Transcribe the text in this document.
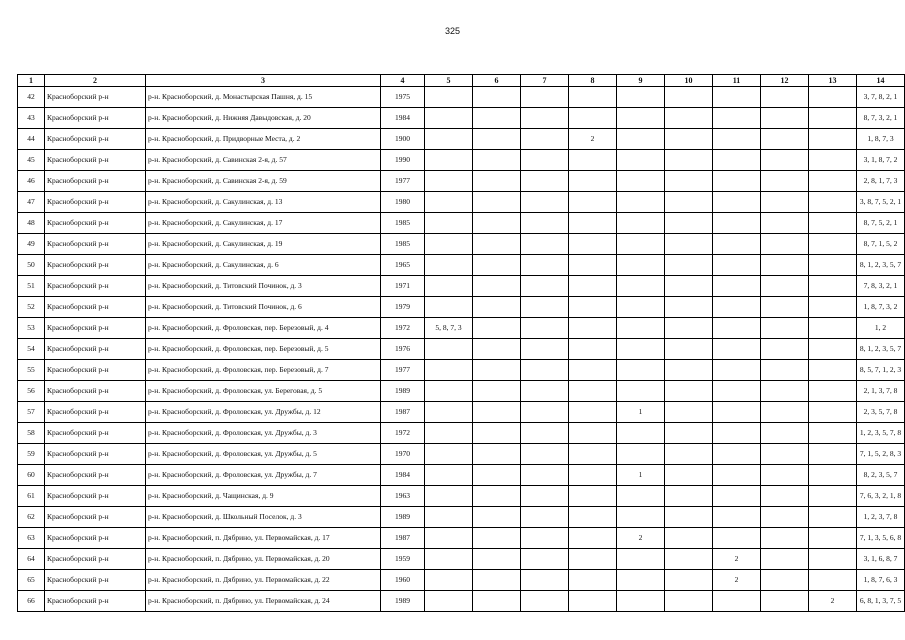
325
1	2	3	4	5	6	7	8	9	10	11	12	13	14
42	Красноборский р-н	р-н. Красноборский, д. Монастырская Пашня, д. 15	1975										3, 7, 8, 2, 1
43	Красноборский р-н	р-н. Красноборский, д. Нижняя Давыдовская, д. 20	1984										8, 7, 3, 2, 1
44	Красноборский р-н	р-н. Красноборский, д. Придворные Места, д. 2	1900				2						1, 8, 7, 3
45	Красноборский р-н	р-н. Красноборский, д. Савинская 2-я, д. 57	1990										3, 1, 8, 7, 2
46	Красноборский р-н	р-н. Красноборский, д. Савинская 2-я, д. 59	1977										2, 8, 1, 7, 3
47	Красноборский р-н	р-н. Красноборский, д. Сакулинская, д. 13	1980										3, 8, 7, 5, 2, 1
48	Красноборский р-н	р-н. Красноборский, д. Сакулинская, д. 17	1985										8, 7, 5, 2, 1
49	Красноборский р-н	р-н. Красноборский, д. Сакулинская, д. 19	1985										8, 7, 1, 5, 2
50	Красноборский р-н	р-н. Красноборский, д. Сакулинская, д. 6	1965										8, 1, 2, 3, 5, 7
51	Красноборский р-н	р-н. Красноборский, д. Титовский Починок, д. 3	1971										7, 8, 3, 2, 1
52	Красноборский р-н	р-н. Красноборский, д. Титовский Починок, д. 6	1979										1, 8, 7, 3, 2
53	Красноборский р-н	р-н. Красноборский, д. Фроловская, пер. Березовый, д. 4	1972	5, 8, 7, 3									1, 2
54	Красноборский р-н	р-н. Красноборский, д. Фроловская, пер. Березовый, д. 5	1976										8, 1, 2, 3, 5, 7
55	Красноборский р-н	р-н. Красноборский, д. Фроловская, пер. Березовый, д. 7	1977										8, 5, 7, 1, 2, 3
56	Красноборский р-н	р-н. Красноборский, д. Фроловская, ул. Береговая, д. 5	1989										2, 1, 3, 7, 8
57	Красноборский р-н	р-н. Красноборский, д. Фроловская, ул. Дружбы, д. 12	1987					1					2, 3, 5, 7, 8
58	Красноборский р-н	р-н. Красноборский, д. Фроловская, ул. Дружбы, д. 3	1972										1, 2, 3, 5, 7, 8
59	Красноборский р-н	р-н. Красноборский, д. Фроловская, ул. Дружбы, д. 5	1970										7, 1, 5, 2, 8, 3
60	Красноборский р-н	р-н. Красноборский, д. Фроловская, ул. Дружбы, д. 7	1984					1					8, 2, 3, 5, 7
61	Красноборский р-н	р-н. Красноборский, д. Чащинская, д. 9	1963										7, 6, 3, 2, 1, 8
62	Красноборский р-н	р-н. Красноборский, д. Школьный Поселок, д. 3	1989										1, 2, 3, 7, 8
63	Красноборский р-н	р-н. Красноборский, п. Дябрино, ул. Первомайская, д. 17	1987					2					7, 1, 3, 5, 6, 8
64	Красноборский р-н	р-н. Красноборский, п. Дябрино, ул. Первомайская, д. 20	1959							2			3, 1, 6, 8, 7
65	Красноборский р-н	р-н. Красноборский, п. Дябрино, ул. Первомайская, д. 22	1960							2			1, 8, 7, 6, 3
66	Красноборский р-н	р-н. Красноборский, п. Дябрино, ул. Первомайская, д. 24	1989									2	6, 8, 1, 3, 7, 5
